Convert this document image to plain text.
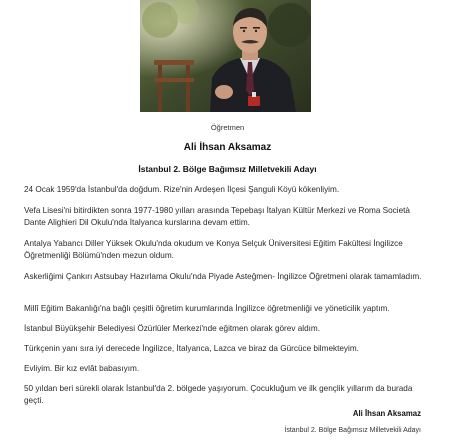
Öğretmen
Ali İhsan Aksamaz
İstanbul 2. Bölge Bağımsız Milletvekili Adayı

24 Ocak 1959'da İstanbul'da doğdum. Rize'nin Ardeşen İlçesi Şanguli Köyü kökenliyim.

Vefa Lisesi'ni bitirdikten sonra 1977-1980 yılları arasında Tepebaşı İtalyan Kültür Merkezi ve Roma Società Dante Alighieri Dil Okulu'nda İtalyanca kurslarına devam ettim.

Antalya Yabancı Diller Yüksek Okulu'nda okudum ve Konya Selçuk Üniversitesi Eğitim Fakültesi İngilizce Öğretmenliği Bölümü'nden mezun oldum.

Askerliğimi Çankırı Astsubay Hazırlama Okulu'nda Piyade Asteğmen- İngilizce Öğretmeni olarak tamamladım.

Millî Eğitim Bakanlığı'na bağlı çeşitli öğretim kurumlarında İngilizce öğretmenliği ve yöneticilik yaptım.

İstanbul Büyükşehir Belediyesi Özürlüler Merkezi'nde eğitmen olarak görev aldım.

Türkçenin yanı sıra iyi derecede İngilizce, İtalyanca, Lazca ve biraz da Gürcüce bilmekteyim.

Evliyim. Bir kız evlât babasıyım.

50 yıldan beri sürekli olarak İstanbul'da 2. bölgede yaşıyorum. Çocukluğum ve ilk gençlik yıllarım da burada geçti.

Ali İhsan Aksamaz
İstanbul 2. Bölge Bağımsız Milletvekili Adayı
